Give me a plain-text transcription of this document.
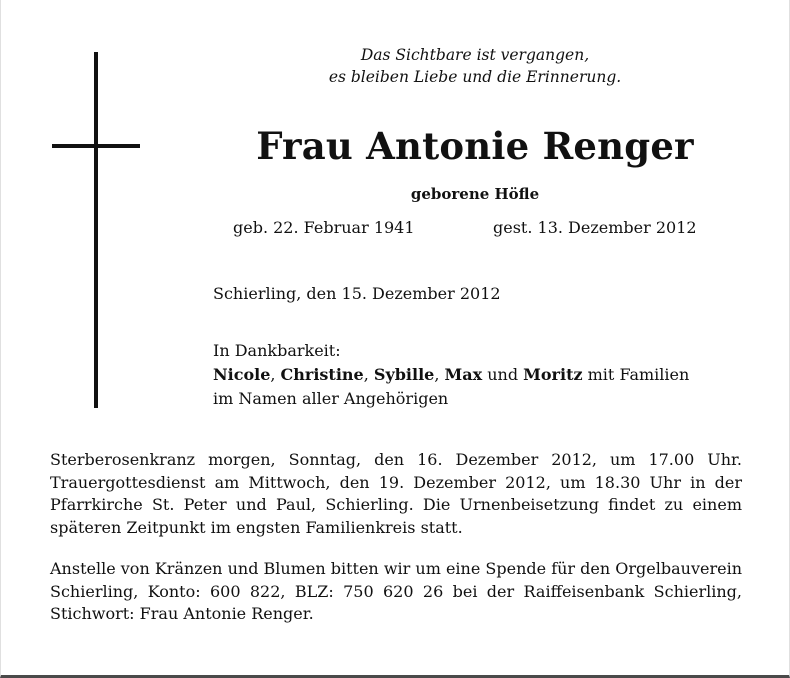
Das Sichtbare ist vergangen,
es bleiben Liebe und die Erinnerung.
Frau Antonie Renger
geborene Höfle
geb. 22. Februar 1941	gest. 13. Dezember 2012
Schierling, den 15. Dezember 2012
In Dankbarkeit:
Nicole, Christine, Sybille, Max und Moritz mit Familien
im Namen aller Angehörigen
Sterberosenkranz morgen, Sonntag, den 16. Dezember 2012, um 17.00 Uhr. Trauergottesdienst am Mittwoch, den 19. Dezember 2012, um 18.30 Uhr in der Pfarrkirche St. Peter und Paul, Schierling. Die Urnenbeisetzung findet zu einem späteren Zeitpunkt im engsten Familienkreis statt.
Anstelle von Kränzen und Blumen bitten wir um eine Spende für den Orgelbauverein Schierling, Konto: 600 822, BLZ: 750 620 26 bei der Raiffeisenbank Schierling, Stichwort: Frau Antonie Renger.
